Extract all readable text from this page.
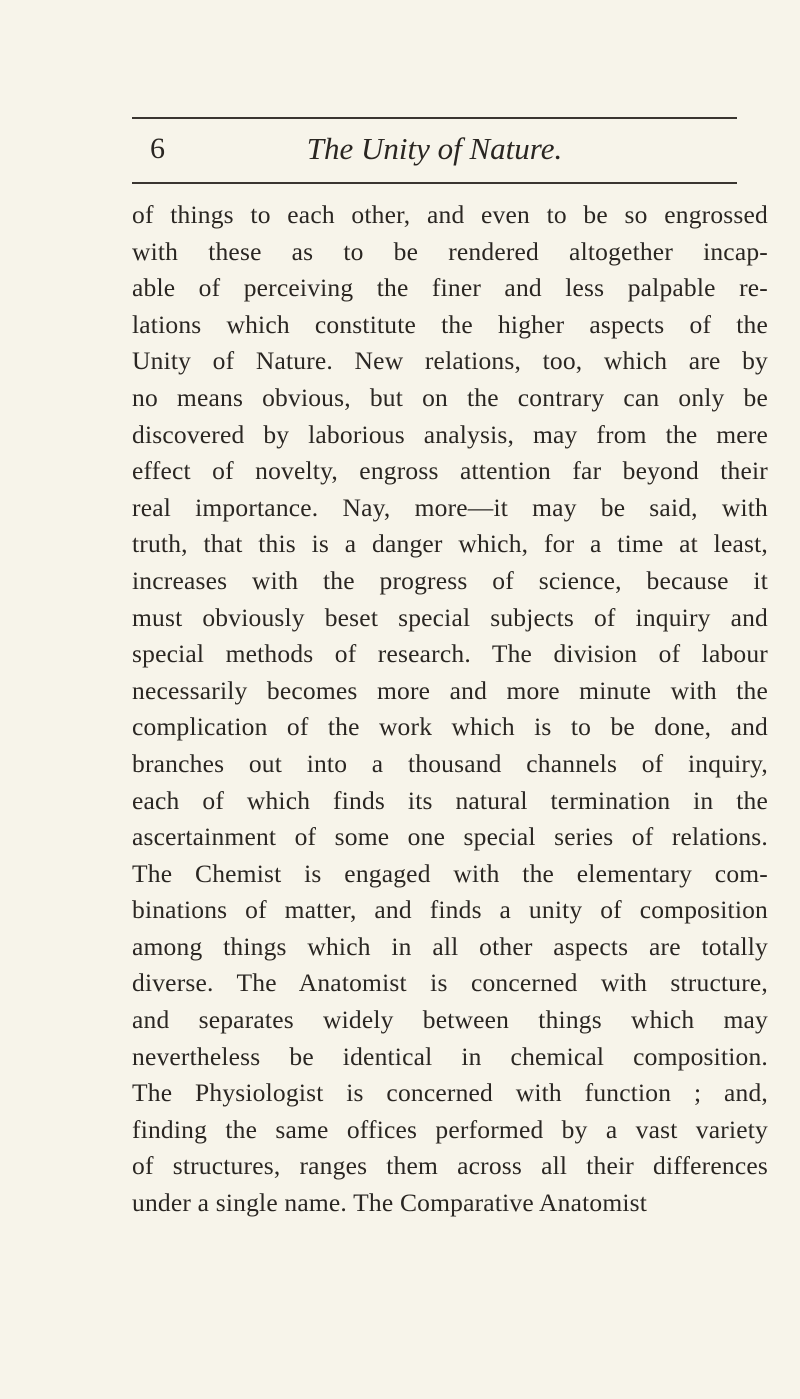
6	The Unity of Nature.
of things to each other, and even to be so engrossed
with these as to be rendered altogether incap-
able of perceiving the finer and less palpable re-
lations which constitute the higher aspects of the
Unity of Nature. New relations, too, which are by
no means obvious, but on the contrary can only be
discovered by laborious analysis, may from the mere
effect of novelty, engross attention far beyond their
real importance. Nay, more—it may be said, with
truth, that this is a danger which, for a time at least,
increases with the progress of science, because it
must obviously beset special subjects of inquiry and
special methods of research. The division of labour
necessarily becomes more and more minute with the
complication of the work which is to be done, and
branches out into a thousand channels of inquiry,
each of which finds its natural termination in the
ascertainment of some one special series of relations.
The Chemist is engaged with the elementary com-
binations of matter, and finds a unity of composition
among things which in all other aspects are totally
diverse. The Anatomist is concerned with structure,
and separates widely between things which may
nevertheless be identical in chemical composition.
The Physiologist is concerned with function ; and,
finding the same offices performed by a vast variety
of structures, ranges them across all their differences
under a single name. The Comparative Anatomist
